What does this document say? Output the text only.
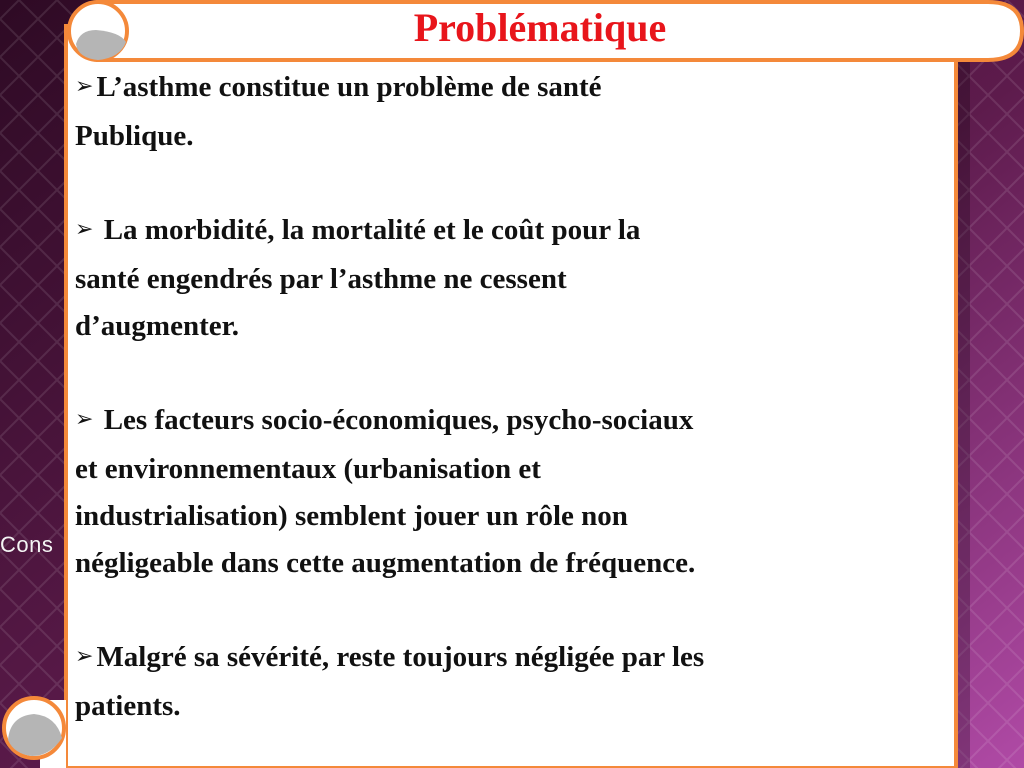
Cons
Problématique

➢ L’asthme constitue un problème de santé
Publique.

➢ La morbidité, la mortalité et le coût pour la
santé engendrés par l’asthme ne cessent
d’augmenter.

➢ Les facteurs socio-économiques, psycho-sociaux
et environnementaux (urbanisation et
industrialisation) semblent jouer un rôle non
négligeable dans cette augmentation de fréquence.

➢ Malgré sa sévérité, reste toujours négligée par les
patients.
